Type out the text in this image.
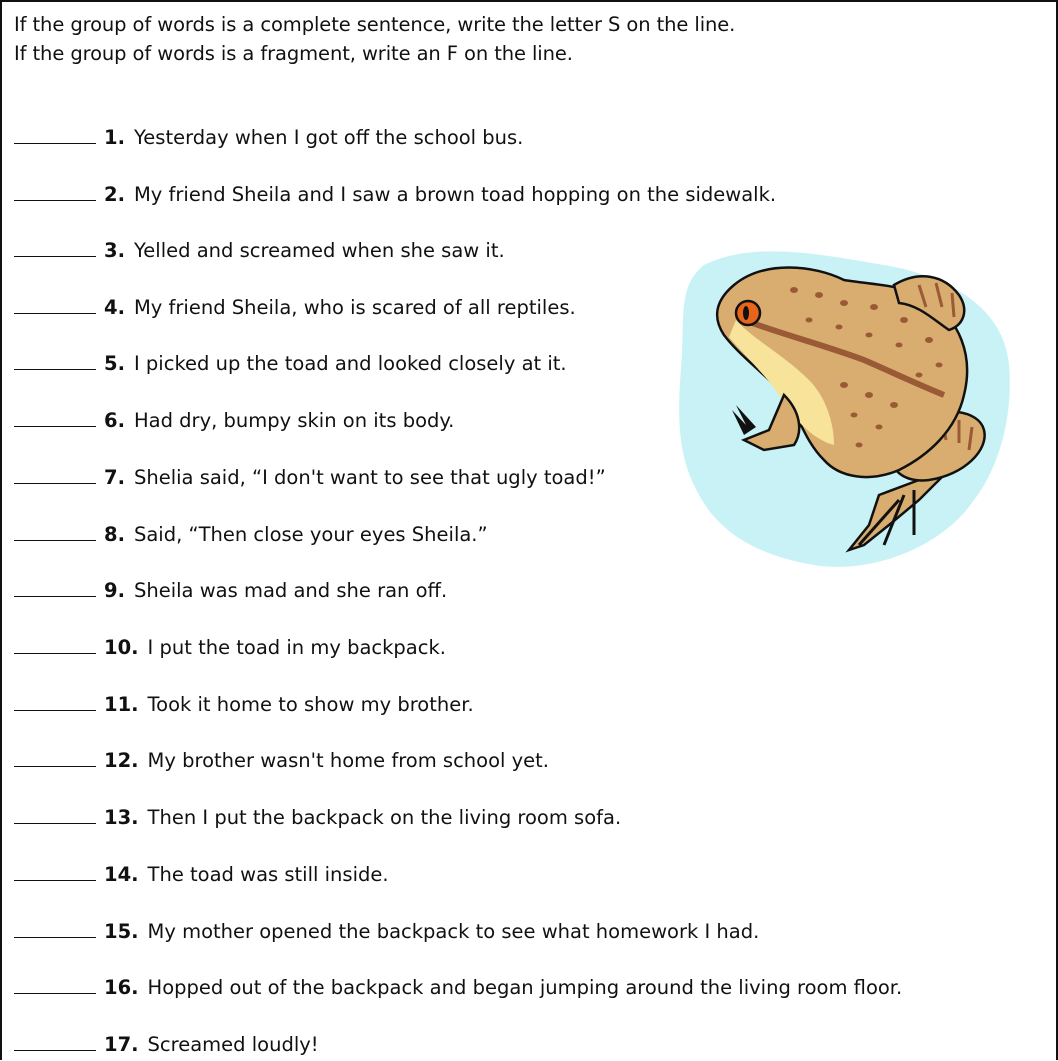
If the group of words is a complete sentence, write the letter S on the line.
If the group of words is a fragment, write an F on the line.
1. Yesterday when I got off the school bus.
2. My friend Sheila and I saw a brown toad hopping on the sidewalk.
3. Yelled and screamed when she saw it.
4. My friend Sheila, who is scared of all reptiles.
5. I picked up the toad and looked closely at it.
6. Had dry, bumpy skin on its body.
7. Shelia said, “I don't want to see that ugly toad!”
8. Said, “Then close your eyes Sheila.”
9. Sheila was mad and she ran off.
10. I put the toad in my backpack.
11. Took it home to show my brother.
12. My brother wasn't home from school yet.
13. Then I put the backpack on the living room sofa.
14. The toad was still inside.
15. My mother opened the backpack to see what homework I had.
16. Hopped out of the backpack and began jumping around the living room floor.
17. Screamed loudly!
